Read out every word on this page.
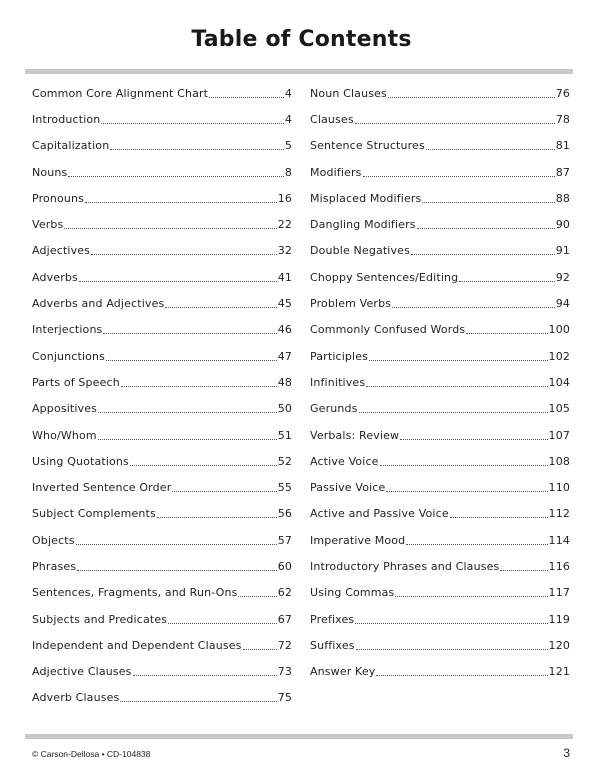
Table of Contents
Common Core Alignment Chart	4
Introduction	4
Capitalization	5
Nouns	8
Pronouns	16
Verbs	22
Adjectives	32
Adverbs	41
Adverbs and Adjectives	45
Interjections	46
Conjunctions	47
Parts of Speech	48
Appositives	50
Who/Whom	51
Using Quotations	52
Inverted Sentence Order	55
Subject Complements	56
Objects	57
Phrases	60
Sentences, Fragments, and Run-Ons	62
Subjects and Predicates	67
Independent and Dependent Clauses	72
Adjective Clauses	73
Adverb Clauses	75
Noun Clauses	76
Clauses	78
Sentence Structures	81
Modifiers	87
Misplaced Modifiers	88
Dangling Modifiers	90
Double Negatives	91
Choppy Sentences/Editing	92
Problem Verbs	94
Commonly Confused Words	100
Participles	102
Infinitives	104
Gerunds	105
Verbals: Review	107
Active Voice	108
Passive Voice	110
Active and Passive Voice	112
Imperative Mood	114
Introductory Phrases and Clauses	116
Using Commas	117
Prefixes	119
Suffixes	120
Answer Key	121
© Carson-Dellosa • CD-104838	3
